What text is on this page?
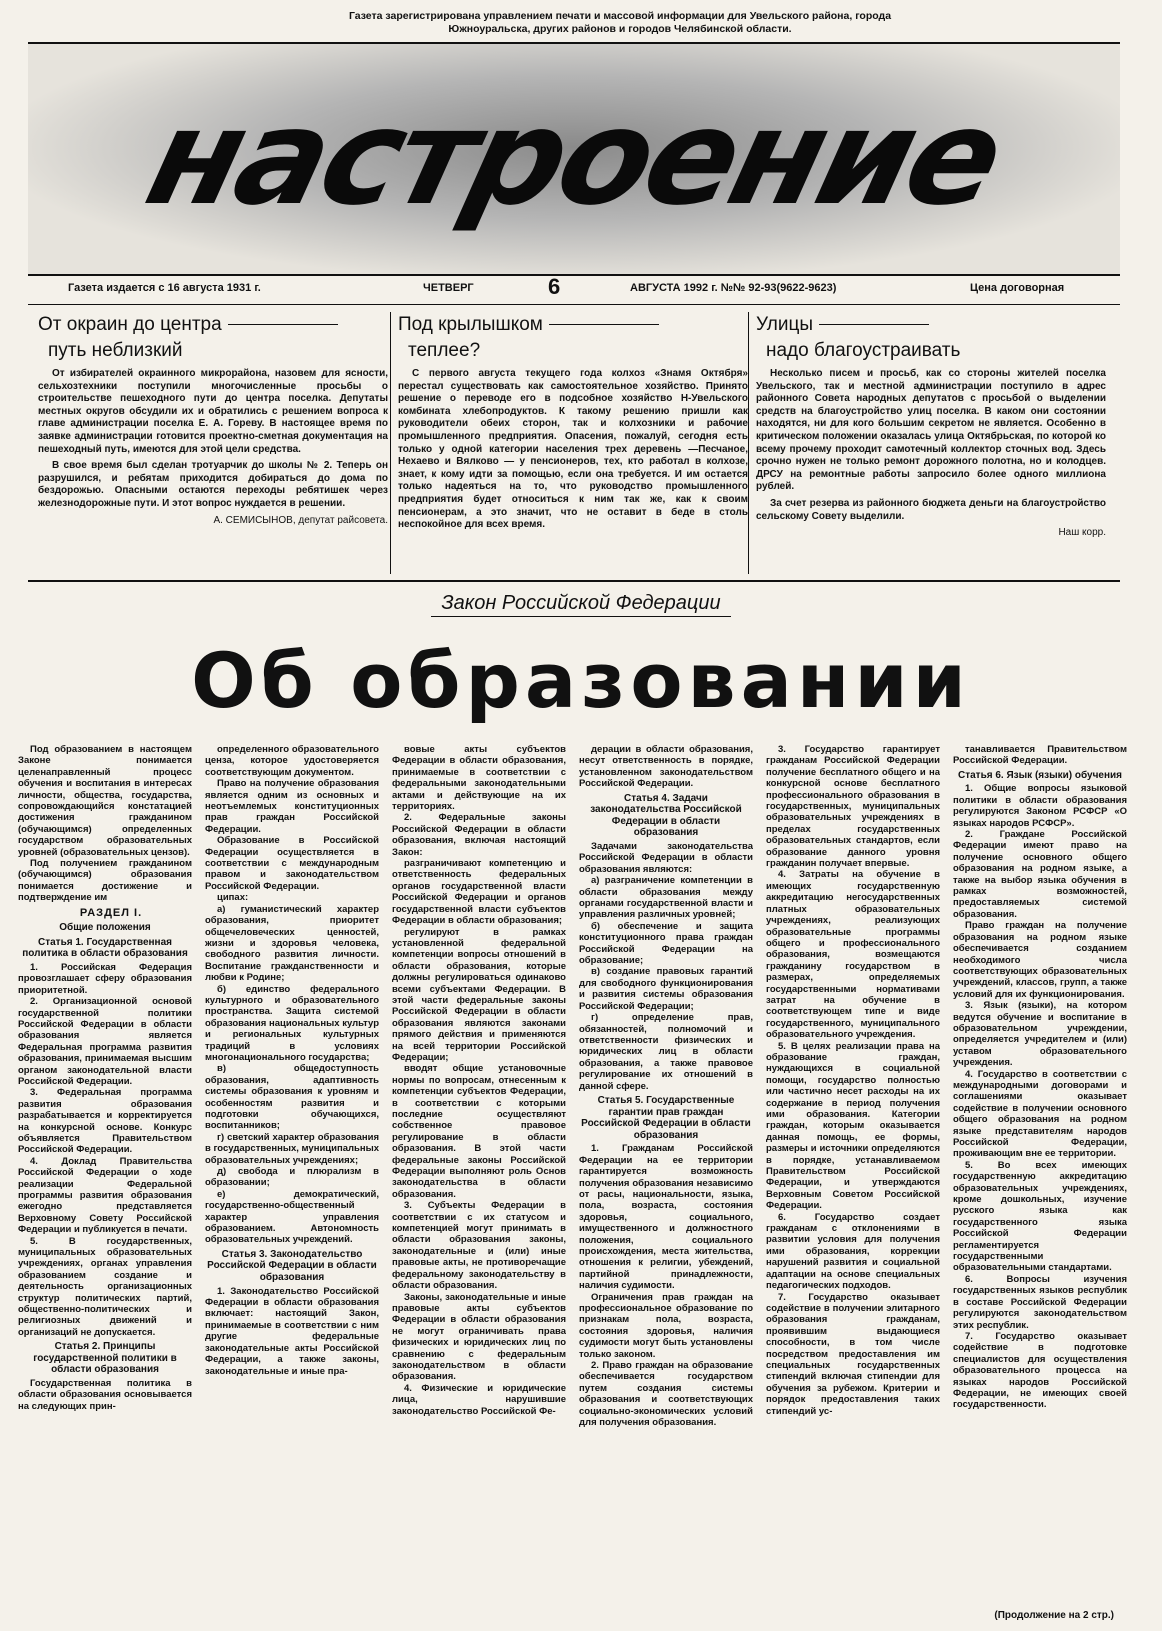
Газета зарегистрирована управлением печати и массовой информации для Увельского района, города Южноуральска, других районов и городов Челябинской области.
настроение
Газета издается с 16 августа 1931 г.	ЧЕТВЕРГ	6	АВГУСТА 1992 г. №№ 92-93(9622-9623)	Цена договорная
От окраин до центра
путь неблизкий

От избирателей окраинного микрорайона, назовем для ясности, сельхозтехники поступили многочисленные просьбы о строительстве пешеходного пути до центра поселка. Депутаты местных округов обсудили их и обратились с решением вопроса к главе администрации поселка Е. А. Гореву. В настоящее время по заявке администрации готовится проектно-сметная документация на пешеходный путь, имеются для этой цели средства.

В свое время был сделан тротуарчик до школы № 2. Теперь он разрушился, и ребятам приходится добираться до дома по бездорожью. Опасными остаются переходы ребятишек через железнодорожные пути. И этот вопрос нуждается в решении.

А. СЕМИСЫНОВ, депутат райсовета.
Под крылышком
теплее?

С первого августа текущего года колхоз «Знамя Октября» перестал существовать как самостоятельное хозяйство. Принято решение о переводе его в подсобное хозяйство Н-Увельского комбината хлебопродуктов. К такому решению пришли как руководители обеих сторон, так и колхозники и рабочие промышленного предприятия. Опасения, пожалуй, сегодня есть только у одной категории населения трех деревень —Песчаное, Нехаево и Вялково — у пенсионеров, тех, кто работал в колхозе, знает, к кому идти за помощью, если она требуется. И им остается только надеяться на то, что руководство промышленного предприятия будет относиться к ним так же, как к своим пенсионерам, а это значит, что не оставит в беде в столь неспокойное для всех время.

Улицы
надо благоустраивать

Несколько писем и просьб, как со стороны жителей поселка Увельского, так и местной администрации поступило в адрес районного Совета народных депутатов с просьбой о выделении средств на благоустройство улиц поселка. В каком они состоянии находятся, ни для кого большим секретом не является. Особенно в критическом положении оказалась улица Октябрьская, по которой ко всему прочему проходит самотечный коллектор сточных вод. Здесь срочно нужен не только ремонт дорожного полотна, но и колодцев. ДРСУ на ремонтные работы запросило более одного миллиона рублей.

За счет резерва из районного бюджета деньги на благоустройство сельскому Совету выделили.

Наш корр.
Закон Российской Федерации
Об образовании

Под образованием в настоящем Законе понимается целенаправленный процесс обучения и воспитания в интересах личности, общества, государства, сопровождающийся констатацией достижения гражданином (обучающимся) определенных государством образовательных уровней (образовательных цензов).

Под получением гражданином (обучающимся) образования понимается достижение и подтверждение им

РАЗДЕЛ I.

Общие положения

Статья 1. Государственная политика в области образования

1. Российская Федерация провозглашает сферу образования приоритетной.

2. Организационной основой государственной политики Российской Федерации в области образования является Федеральная программа развития образования, принимаемая высшим органом законодательной власти Российской Федерации.

3. Федеральная программа развития образования разрабатывается и корректируется на конкурсной основе. Конкурс объявляется Правительством Российской Федерации.

4. Доклад Правительства Российской Федерации о ходе реализации Федеральной программы развития образования ежегодно представляется Верховному Совету Российской Федерации и публикуется в печати.

5. В государственных, муниципальных образовательных учреждениях, органах управления образованием создание и деятельность организационных структур политических партий, общественно-политических и религиозных движений и организаций не допускается.

Статья 2. Принципы государственной политики в области образования

Государственная политика в области образования основывается на следующих прин-

определенного образовательного ценза, которое удостоверяется соответствующим документом.

Право на получение образования является одним из основных и неотъемлемых конституционных прав граждан Российской Федерации.

Образование в Российской Федерации осуществляется в соответствии с международным правом и законодательством Российской Федерации.

ципах:

а) гуманистический характер образования, приоритет общечеловеческих ценностей, жизни и здоровья человека, свободного развития личности. Воспитание гражданственности и любви к Родине;

б) единство федерального культурного и образовательного пространства. Защита системой образования национальных культур и региональных культурных традиций в условиях многонационального государства;

в) общедоступность образования, адаптивность системы образования к уровням и особенностям развития и подготовки обучающихся, воспитанников;

г) светский характер образования в государственных, муниципальных образовательных учреждениях;

д) свобода и плюрализм в образовании;

е) демократический, государственно-общественный характер управления образованием. Автономность образовательных учреждений.

Статья 3. Законодательство Российской Федерации в области образования

1. Законодательство Российской Федерации в области образования включает: настоящий Закон, принимаемые в соответствии с ним другие федеральные законодательные акты Российской Федерации, а также законы, законодательные и иные пра-

вовые акты субъектов Федерации в области образования, принимаемые в соответствии с федеральными законодательными актами и действующие на их территориях.

2. Федеральные законы Российской Федерации в области образования, включая настоящий Закон:

разграничивают компетенцию и ответственность федеральных органов государственной власти Российской Федерации и органов государственной власти субъектов Федерации в области образования;

регулируют в рамках установленной федеральной компетенции вопросы отношений в области образования, которые должны регулироваться одинаково всеми субъектами Федерации. В этой части федеральные законы Российской Федерации в области образования являются законами прямого действия и применяются на всей территории Российской Федерации;

вводят общие установочные нормы по вопросам, отнесенным к компетенции субъектов Федерации, в соответствии с которыми последние осуществляют собственное правовое регулирование в области образования. В этой части федеральные законы Российской Федерации выполняют роль Основ законодательства в области образования.

3. Субъекты Федерации в соответствии с их статусом и компетенцией могут принимать в области образования законы, законодательные и (или) иные правовые акты, не противоречащие федеральному законодательству в области образования.

Законы, законодательные и иные правовые акты субъектов Федерации в области образования не могут ограничивать права физических и юридических лиц по сравнению с федеральным законодательством в области образования.

4. Физические и юридические лица, нарушившие законодательство Российской Фе-

дерации в области образования, несут ответственность в порядке, установленном законодательством Российской Федерации.

Статья 4. Задачи законодательства Российской Федерации в области образования

Задачами законодательства Российской Федерации в области образования являются:

а) разграничение компетенции в области образования между органами государственной власти и управления различных уровней;

б) обеспечение и защита конституционного права граждан Российской Федерации на образование;

в) создание правовых гарантий для свободного функционирования и развития системы образования Российской Федерации;

г) определение прав, обязанностей, полномочий и ответственности физических и юридических лиц в области образования, а также правовое регулирование их отношений в данной сфере.

Статья 5. Государственные гарантии прав граждан Российской Федерации в области образования

1. Гражданам Российской Федерации на ее территории гарантируется возможность получения образования независимо от расы, национальности, языка, пола, возраста, состояния здоровья, социального, имущественного и должностного положения, социального происхождения, места жительства, отношения к религии, убеждений, партийной принадлежности, наличия судимости.

Ограничения прав граждан на профессиональное образование по признакам пола, возраста, состояния здоровья, наличия судимости могут быть установлены только законом.

2. Право граждан на образование обеспечивается государством путем создания системы образования и соответствующих социально-экономических условий для получения образования.

3. Государство гарантирует гражданам Российской Федерации получение бесплатного общего и на конкурсной основе бесплатного профессионального образования в государственных, муниципальных образовательных учреждениях в пределах государственных образовательных стандартов, если образование данного уровня гражданин получает впервые.

4. Затраты на обучение в имеющих государственную аккредитацию негосударственных платных образовательных учреждениях, реализующих образовательные программы общего и профессионального образования, возмещаются гражданину государством в размерах, определяемых государственными нормативами затрат на обучение в соответствующем типе и виде государственного, муниципального образовательного учреждения.

5. В целях реализации права на образование граждан, нуждающихся в социальной помощи, государство полностью или частично несет расходы на их содержание в период получения ими образования. Категории граждан, которым оказывается данная помощь, ее формы, размеры и источники определяются в порядке, устанавливаемом Правительством Российской Федерации, и утверждаются Верховным Советом Российской Федерации.

6. Государство создает гражданам с отклонениями в развитии условия для получения ими образования, коррекции нарушений развития и социальной адаптации на основе специальных педагогических подходов.

7. Государство оказывает содействие в получении элитарного образования гражданам, проявившим выдающиеся способности, в том числе посредством предоставления им специальных государственных стипендий включая стипендии для обучения за рубежом. Критерии и порядок предоставления таких стипендий ус-

танавливается Правительством Российской Федерации.

Статья 6. Язык (языки) обучения

1. Общие вопросы языковой политики в области образования регулируются Законом РСФСР «О языках народов РСФСР».

2. Граждане Российской Федерации имеют право на получение основного общего образования на родном языке, а также на выбор языка обучения в рамках возможностей, предоставляемых системой образования.

Право граждан на получение образования на родном языке обеспечивается созданием необходимого числа соответствующих образовательных учреждений, классов, групп, а также условий для их функционирования.

3. Язык (языки), на котором ведутся обучение и воспитание в образовательном учреждении, определяется учредителем и (или) уставом образовательного учреждения.

4. Государство в соответствии с международными договорами и соглашениями оказывает содействие в получении основного общего образования на родном языке представителям народов Российской Федерации, проживающим вне ее территории.

5. Во всех имеющих государственную аккредитацию образовательных учреждениях, кроме дошкольных, изучение русского языка как государственного языка Российской Федерации регламентируется государственными образовательными стандартами.

6. Вопросы изучения государственных языков республик в составе Российской Федерации регулируются законодательством этих республик.

7. Государство оказывает содействие в подготовке специалистов для осуществления образовательного процесса на языках народов Российской Федерации, не имеющих своей государственности.

(Продолжение на 2 стр.)
